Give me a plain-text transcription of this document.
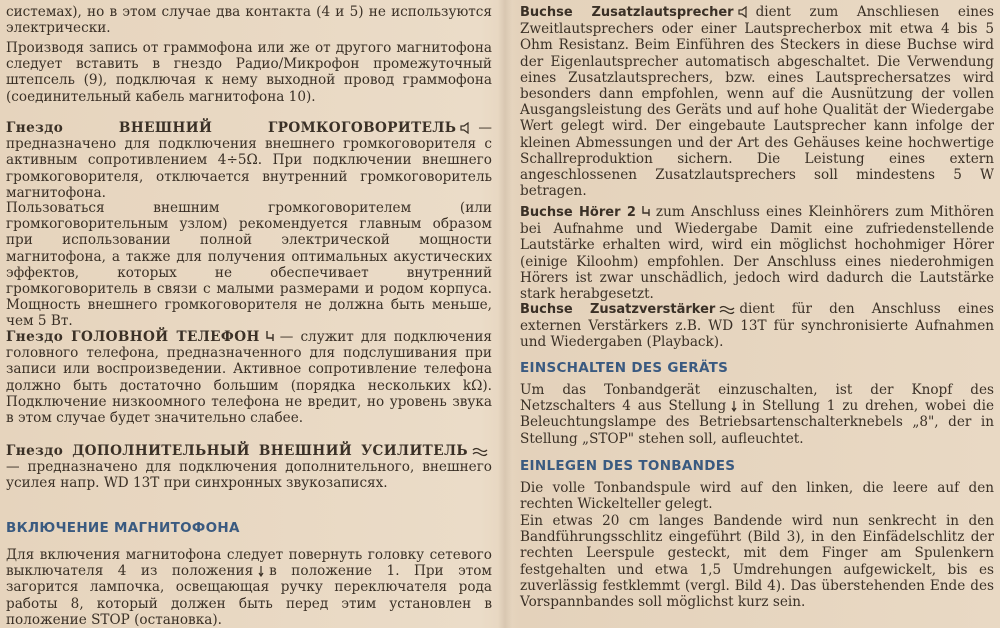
системах), но в этом случае два контакта (4 и 5) не используются электрически.

Производя запись от граммофона или же от другого магнитофона следует вставить в гнездо Радио/Микрофон промежуточный штепсель (9), подключая к нему выходной провод граммофона (соединительный кабель магнитофона 10).

Гнездо ВНЕШНИЙ ГРОМКОГОВОРИТЕЛЬ — предназначено для подключения внешнего громкоговорителя с активным сопротивлением 4÷5Ω. При подключении внешнего громкоговорителя, отключается внутренний громкоговоритель магнитофона.

Пользоваться внешним громкоговорителем (или громкоговорительным узлом) рекомендуется главным образом при использовании полной электрической мощности магнитофона, а также для получения оптимальных акустических эффектов, которых не обеспечивает внутренний громкоговоритель в связи с малыми размерами и родом корпуса. Мощность внешнего громкоговорителя не должна быть меньше, чем 5 Вт.

Гнездо ГОЛОВНОЙ ТЕЛЕФОН — служит для подключения головного телефона, предназначенного для подслушивания при записи или воспроизведении. Активное сопротивление телефона должно быть достаточно большим (порядка нескольких kΩ). Подключение низкоомного телефона не вредит, но уровень звука в этом случае будет значительно слабее.

Гнездо ДОПОЛНИТЕЛЬНЫЙ ВНЕШНИЙ УСИЛИТЕЛЬ
— предназначено для подключения дополнительного, внешнего усилея напр. WD 13T при синхронных звукозаписях.

ВКЛЮЧЕНИЕ МАГНИТОФОНА

Для включения магнитофона следует повернуть головку сетевого выключателя 4 из положения в положение 1. При этом загорится лампочка, освещающая ручку переключателя рода работы 8, который должен быть перед этим установлен в положение STOP (остановка).

Buchse Zusatzlautsprecher dient zum Anschliesen eines Zweitlautsprechers oder einer Lautsprecherbox mit etwa 4 bis 5 Ohm Resistanz. Beim Einführen des Steckers in diese Buchse wird der Eigenlautsprecher automatisch abgeschaltet. Die Verwendung eines Zusatzlautsprechers, bzw. eines Lautsprechersatzes wird besonders dann empfohlen, wenn auf die Ausnützung der vollen Ausgangsleistung des Geräts und auf hohe Qualität der Wiedergabe Wert gelegt wird. Der eingebaute Lautsprecher kann infolge der kleinen Abmessungen und der Art des Gehäuses keine hochwertige Schallreproduktion sichern. Die Leistung eines extern angeschlossenen Zusatzlautsprechers soll mindestens 5 W betragen.

Buchse Hörer 2 zum Anschluss eines Kleinhörers zum Mithören bei Aufnahme und Wiedergabe Damit eine zufriedenstellende Lautstärke erhalten wird, wird ein möglichst hochohmiger Hörer (einige Kiloohm) empfohlen. Der Anschluss eines niederohmigen Hörers ist zwar unschädlich, jedoch wird dadurch die Lautstärke stark herabgesetzt.

Buchse Zusatzverstärker dient für den Anschluss eines externen Verstärkers z.B. WD 13T für synchronisierte Aufnahmen und Wiedergaben (Playback).

EINSCHALTEN DES GERÄTS

Um das Tonbandgerät einzuschalten, ist der Knopf des Netzschalters 4 aus Stellung in Stellung 1 zu drehen, wobei die Beleuchtungslampe des Betriebsartenschalterknebels „8", der in Stellung „STOP" stehen soll, aufleuchtet.

EINLEGEN DES TONBANDES

Die volle Tonbandspule wird auf den linken, die leere auf den rechten Wickelteller gelegt.

Ein etwas 20 cm langes Bandende wird nun senkrecht in den Bandführungsschlitz eingeführt (Bild 3), in den Einfädelschlitz der rechten Leerspule gesteckt, mit dem Finger am Spulenkern festgehalten und etwa 1,5 Umdrehungen aufgewickelt, bis es zuverlässig festklemmt (vergl. Bild 4). Das überstehenden Ende des Vorspannbandes soll möglichst kurz sein.
